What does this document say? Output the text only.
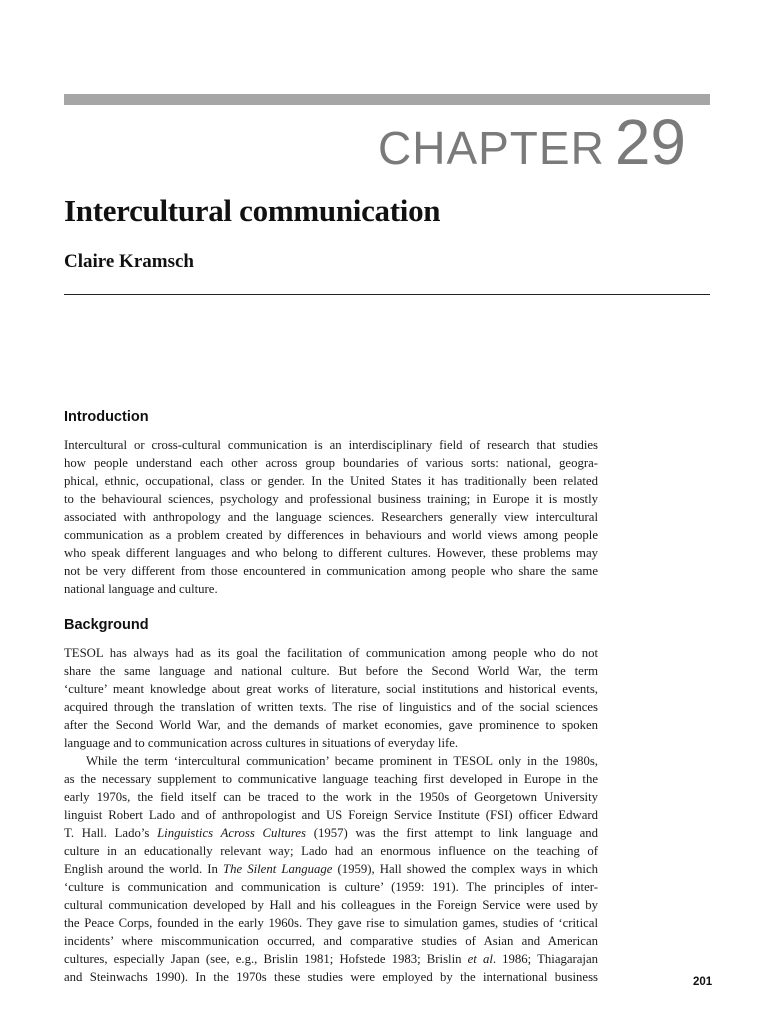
CHAPTER 29
Intercultural communication
Claire Kramsch
Introduction

Intercultural or cross-cultural communication is an interdisciplinary field of research that studies
how people understand each other across group boundaries of various sorts: national, geogra-
phical, ethnic, occupational, class or gender. In the United States it has traditionally been related
to the behavioural sciences, psychology and professional business training; in Europe it is mostly
associated with anthropology and the language sciences. Researchers generally view intercultural
communication as a problem created by differences in behaviours and world views among people
who speak different languages and who belong to different cultures. However, these problems may
not be very different from those encountered in communication among people who share the same
national language and culture.

Background

TESOL has always had as its goal the facilitation of communication among people who do not
share the same language and national culture. But before the Second World War, the term
‘culture’ meant knowledge about great works of literature, social institutions and historical events,
acquired through the translation of written texts. The rise of linguistics and of the social sciences
after the Second World War, and the demands of market economies, gave prominence to spoken
language and to communication across cultures in situations of everyday life.

While the term ‘intercultural communication’ became prominent in TESOL only in the 1980s,
as the necessary supplement to communicative language teaching first developed in Europe in the
early 1970s, the field itself can be traced to the work in the 1950s of Georgetown University
linguist Robert Lado and of anthropologist and US Foreign Service Institute (FSI) officer Edward
T. Hall. Lado’s Linguistics Across Cultures (1957) was the first attempt to link language and
culture in an educationally relevant way; Lado had an enormous influence on the teaching of
English around the world. In The Silent Language (1959), Hall showed the complex ways in which
‘culture is communication and communication is culture’ (1959: 191). The principles of inter-
cultural communication developed by Hall and his colleagues in the Foreign Service were used by
the Peace Corps, founded in the early 1960s. They gave rise to simulation games, studies of ‘critical
incidents’ where miscommunication occurred, and comparative studies of Asian and American
cultures, especially Japan (see, e.g., Brislin 1981; Hofstede 1983; Brislin et al. 1986; Thiagarajan
and Steinwachs 1990). In the 1970s these studies were employed by the international business	201
